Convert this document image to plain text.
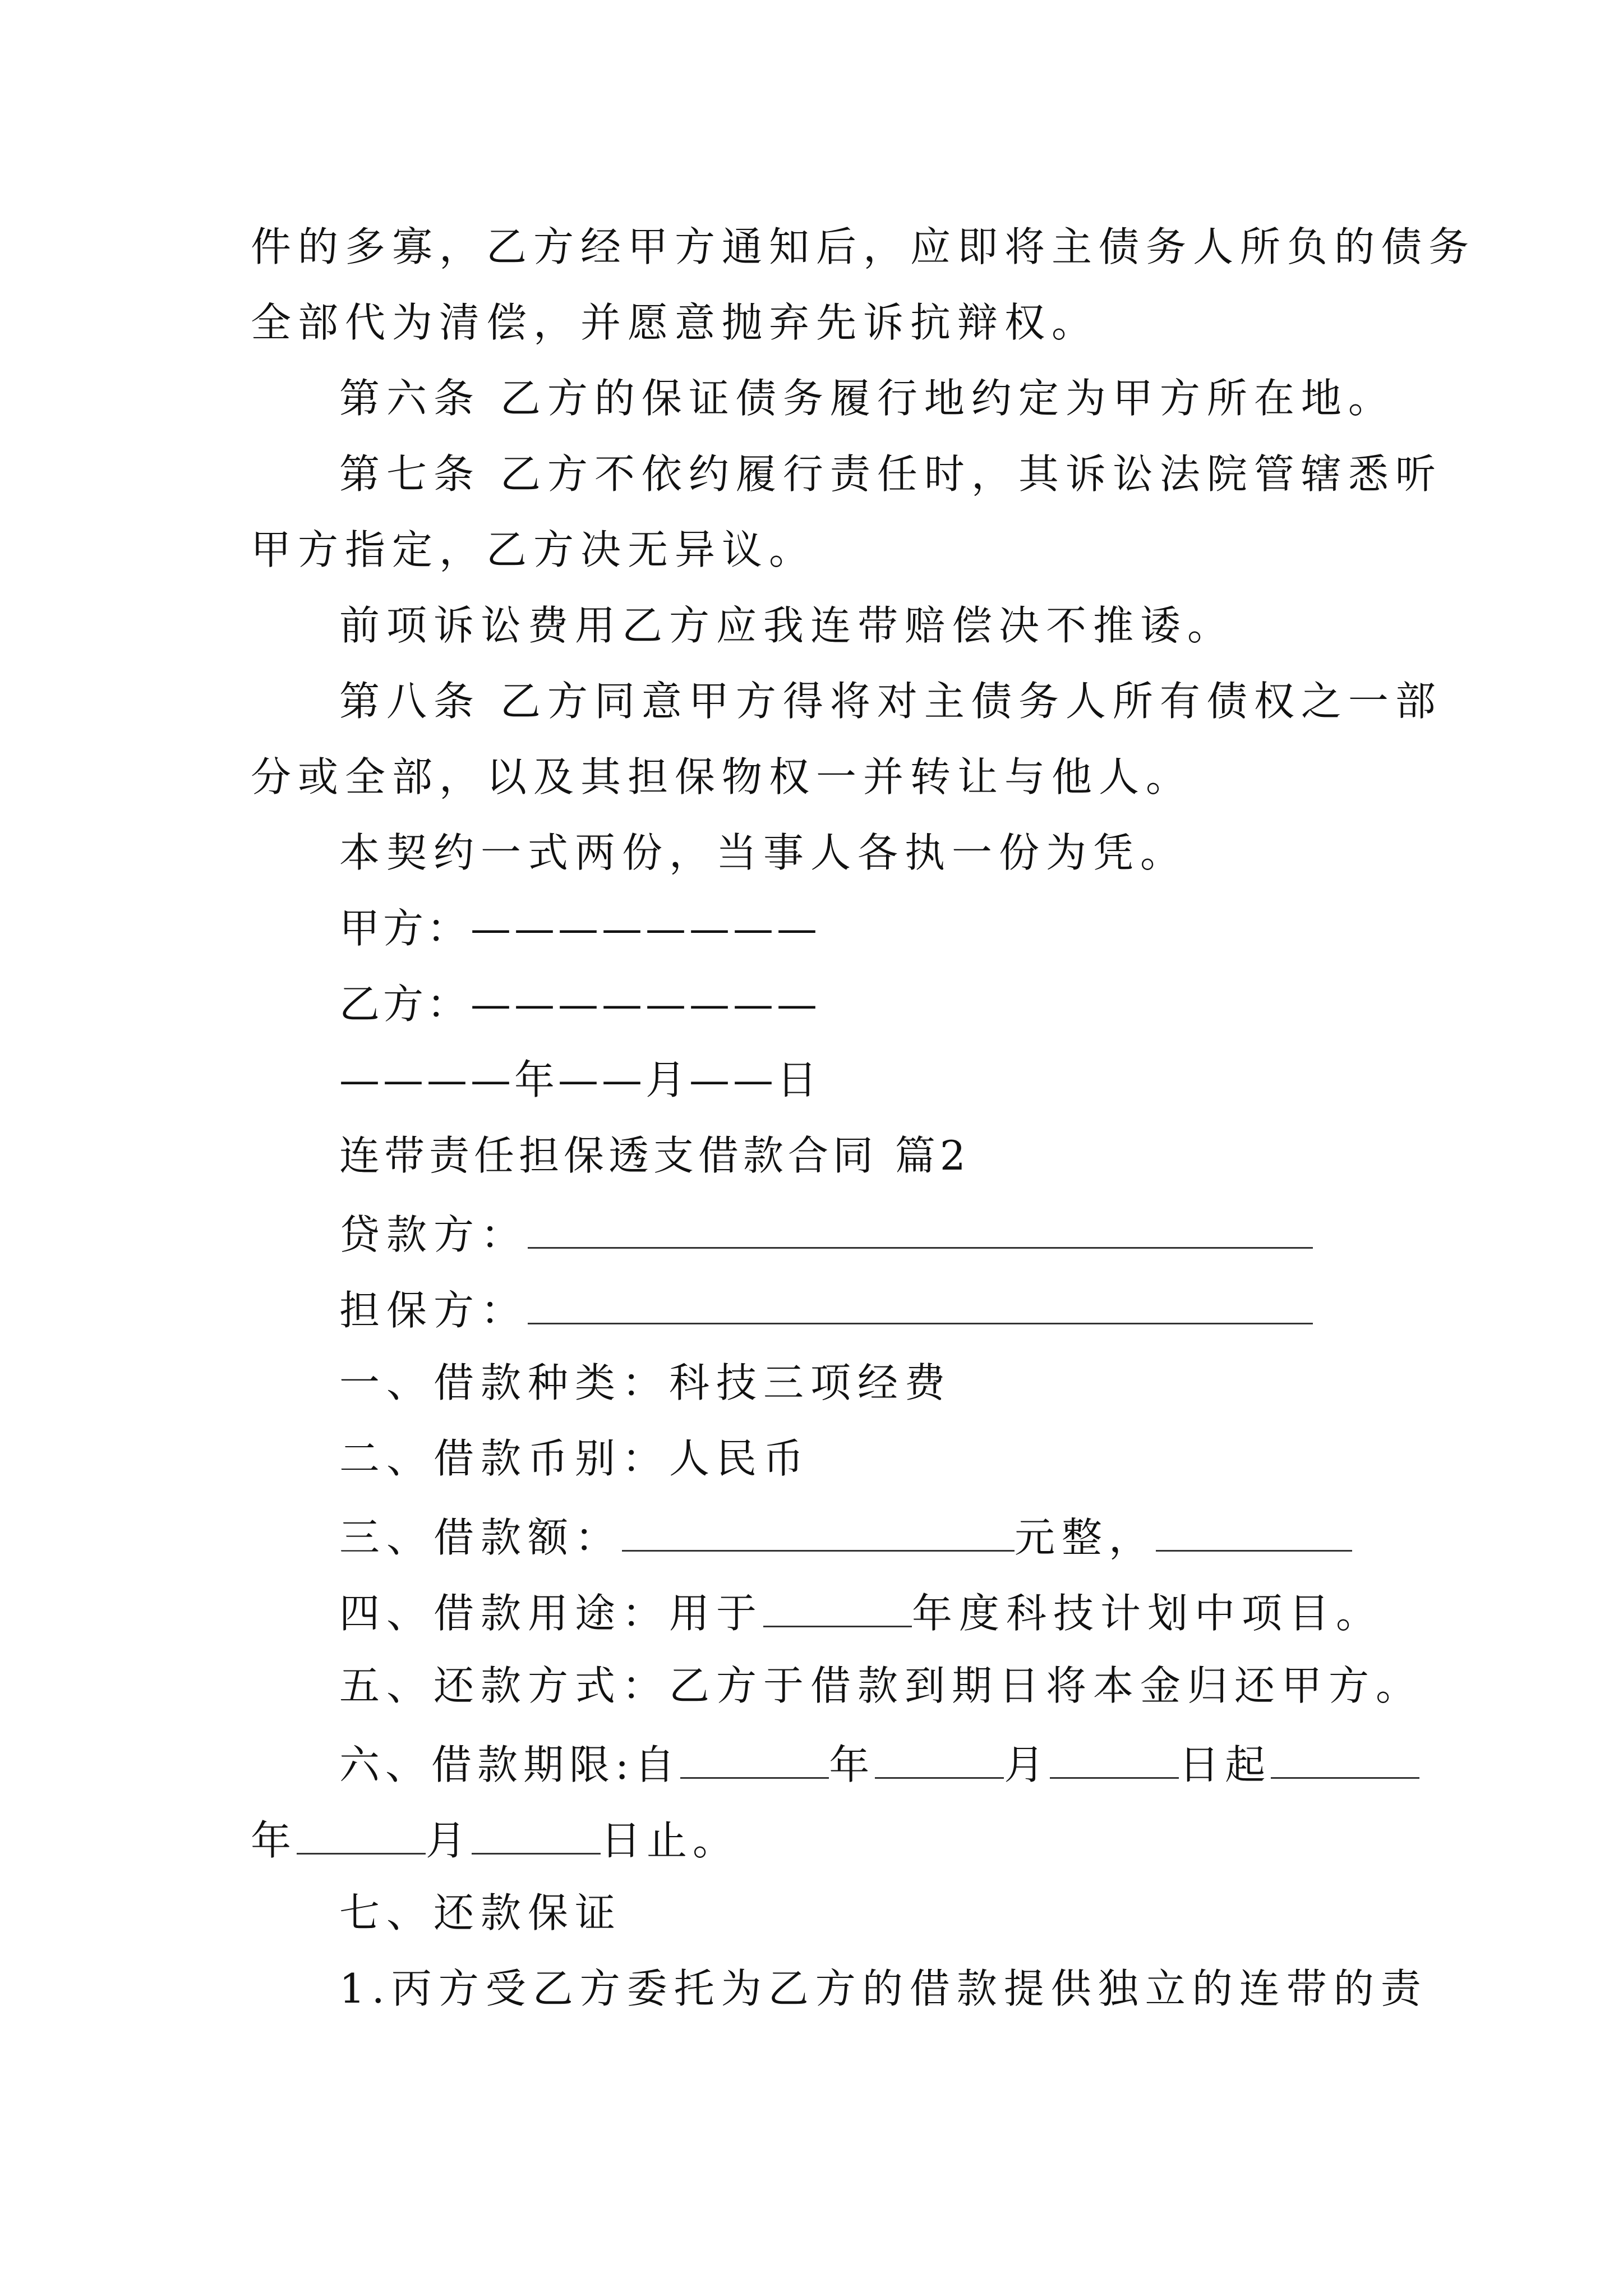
件的多寡，乙方经甲方通知后，应即将主债务人所负的债务
全部代为清偿，并愿意抛弃先诉抗辩权。
第六条 乙方的保证债务履行地约定为甲方所在地。
第七条 乙方不依约履行责任时，其诉讼法院管辖悉听
甲方指定，乙方决无异议。
前项诉讼费用乙方应我连带赔偿决不推诿。
第八条 乙方同意甲方得将对主债务人所有债权之一部
分或全部，以及其担保物权一并转让与他人。
本契约一式两份，当事人各执一份为凭。
甲方：————————
乙方：————————
————年——月——日
连带责任担保透支借款合同 篇2
贷款方：
担保方：
一、借款种类：科技三项经费
二、借款币别：人民币
三、借款额：	元整，
四、借款用途：用于	年度科技计划中项目。
五、还款方式：乙方于借款到期日将本金归还甲方。
六、借款期限:自	年	月	日起
年	月	日止。
七、还款保证
1.丙方受乙方委托为乙方的借款提供独立的连带的责
